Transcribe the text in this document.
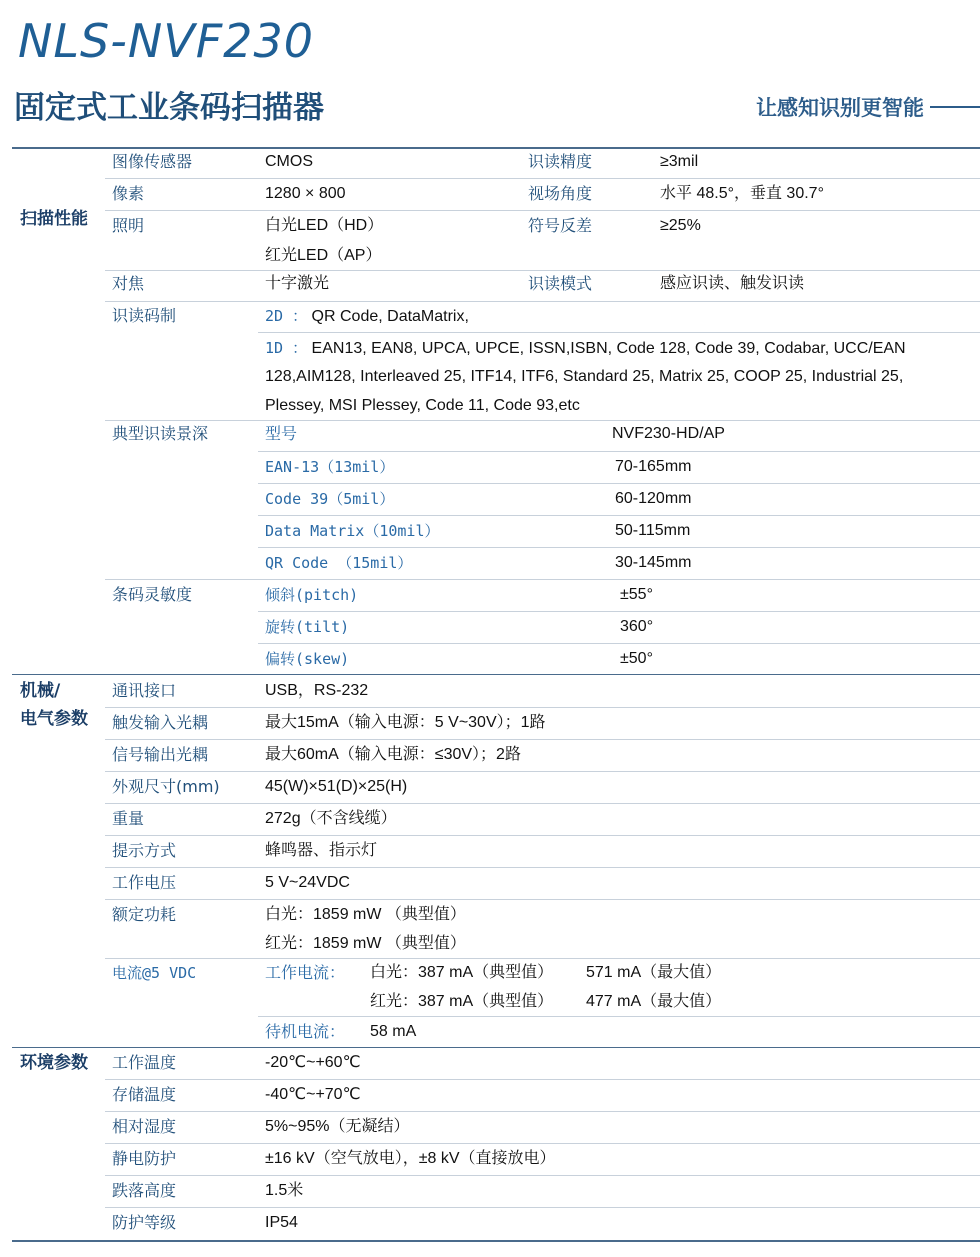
NLS-NVF230
固定式工业条码扫描器	让感知识别更智能
扫描性能
机械/
电气参数
环境参数
图像传感器	CMOS	识读精度	≥3mil
像素	1280 × 800	视场角度	水平 48.5°，垂直 30.7°
照明	白光LED（HD）	符号反差	≥25%
红光LED（AP）
对焦	十字激光	识读模式	感应识读、触发识读
识读码制	2D ： QR Code, DataMatrix,
1D ： EAN13, EAN8, UPCA, UPCE, ISSN,ISBN, Code 128, Code 39, Codabar, UCC/EAN
128,AIM128, Interleaved 25, ITF14, ITF6, Standard 25, Matrix 25, COOP 25, Industrial 25,
Plessey, MSI Plessey, Code 11, Code 93,etc
典型识读景深	型号	NVF230-HD/AP
EAN-13（13mil）	70-165mm
Code 39（5mil）	60-120mm
Data Matrix（10mil）	50-115mm
QR Code （15mil）	30-145mm
条码灵敏度	倾斜(pitch)	±55°
旋转(tilt)	360°
偏转(skew)	±50°
通讯接口	USB，RS-232
触发输入光耦	最大15mA（输入电源：5 V~30V）；1路
信号输出光耦	最大60mA（输入电源：≤30V）；2路
外观尺寸(mm)	45(W)×51(D)×25(H)
重量	272g（不含线缆）
提示方式	蜂鸣器、指示灯
工作电压	5 V~24VDC
额定功耗	白光：1859 mW （典型值）
红光：1859 mW （典型值）
电流@5 VDC	工作电流： 白光：387 mA（典型值） 571 mA（最大值）
红光：387 mA（典型值） 477 mA（最大值）
待机电流： 58 mA
工作温度	-20℃~+60℃
存储温度	-40℃~+70℃
相对湿度	5%~95%（无凝结）
静电防护	±16 kV（空气放电），±8 kV（直接放电）
跌落高度	1.5米
防护等级	IP54
